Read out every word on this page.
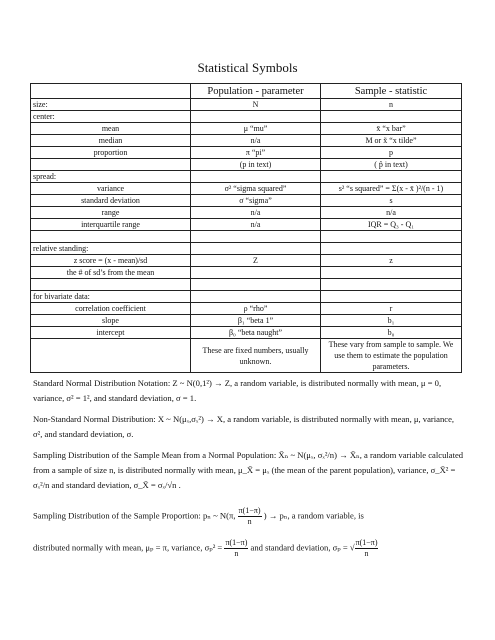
Statistical Symbols
	Population - parameter	Sample - statistic
size:	N	n
center:		
mean	μ “mu”	x̄ “x bar”
median	n/a	M or x̃ “x tilde”
proportion	π “pi”	p
	(p in text)	( p̂ in text)
spread:		
variance	σ² “sigma squared”	s² “s squared” = Σ(x - x̄ )²/(n - 1)
standard deviation	σ “sigma”	s
range	n/a	n/a
interquartile range	n/a	IQR = Q₃ - Q₁

relative standing:		
z score = (x - mean)/sd	Z	z
the # of sd’s from the mean		

for bivariate data:		
correlation coefficient	ρ “rho”	r
slope	β₁ “beta 1”	b₁
intercept	β₀ “beta naught”	b₀
	These are fixed numbers, usually unknown.	These vary from sample to sample. We use them to estimate the population parameters.
Standard Normal Distribution Notation: Z ~ N(0,1²) → Z, a random variable, is distributed normally with mean, μ = 0, variance, σ² = 1², and standard deviation, σ = 1.
Non-Standard Normal Distribution: X ~ N(μₓ,σₓ²) → X, a random variable, is distributed normally with mean, μ, variance, σ², and standard deviation, σ.
Sampling Distribution of the Sample Mean from a Normal Population: X̄ₙ ~ N(μₓ, σₓ²/n) → X̄ₙ, a random variable calculated from a sample of size n, is distributed normally with mean, μ_X̄ = μₓ (the mean of the parent population), variance, σ_X̄² = σₓ²/n and standard deviation, σ_X̄ = σₓ/√n .
Sampling Distribution of the Sample Proportion: pₙ ~ N(π, $\frac{\pi(1-\pi)}{n}$ ) → pₙ, a random variable, is
distributed normally with mean, μₚ = π, variance, $\sigma_p^2 = \frac{\pi(1-\pi)}{n}$ and standard deviation, σₚ = √ $\frac{\pi(1-\pi)}{n}$
